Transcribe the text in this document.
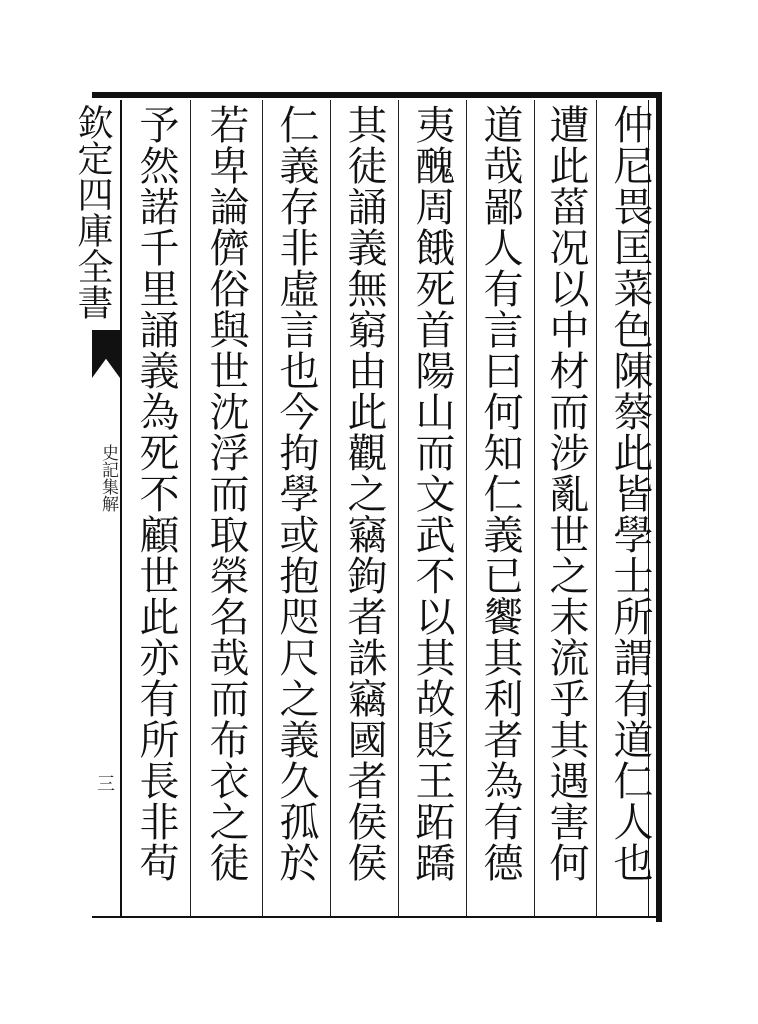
欽定四庫全書
史記集解
三
仲尼畏匡菜色陳蔡此皆學士所謂有道仁人也
遭此菑况以中材而涉亂世之末流乎其遇害何
道哉鄙人有言曰何知仁義已饗其利者為有德
夷醜周餓死首陽山而文武不以其故貶王跖蹻
其徒誦義無窮由此觀之竊鉤者誅竊國者侯侯
仁義存非虛言也今拘學或抱咫尺之義久孤於
若卑論儕俗與世沈浮而取榮名哉而布衣之徒
予然諾千里誦義為死不顧世此亦有所長非苟
